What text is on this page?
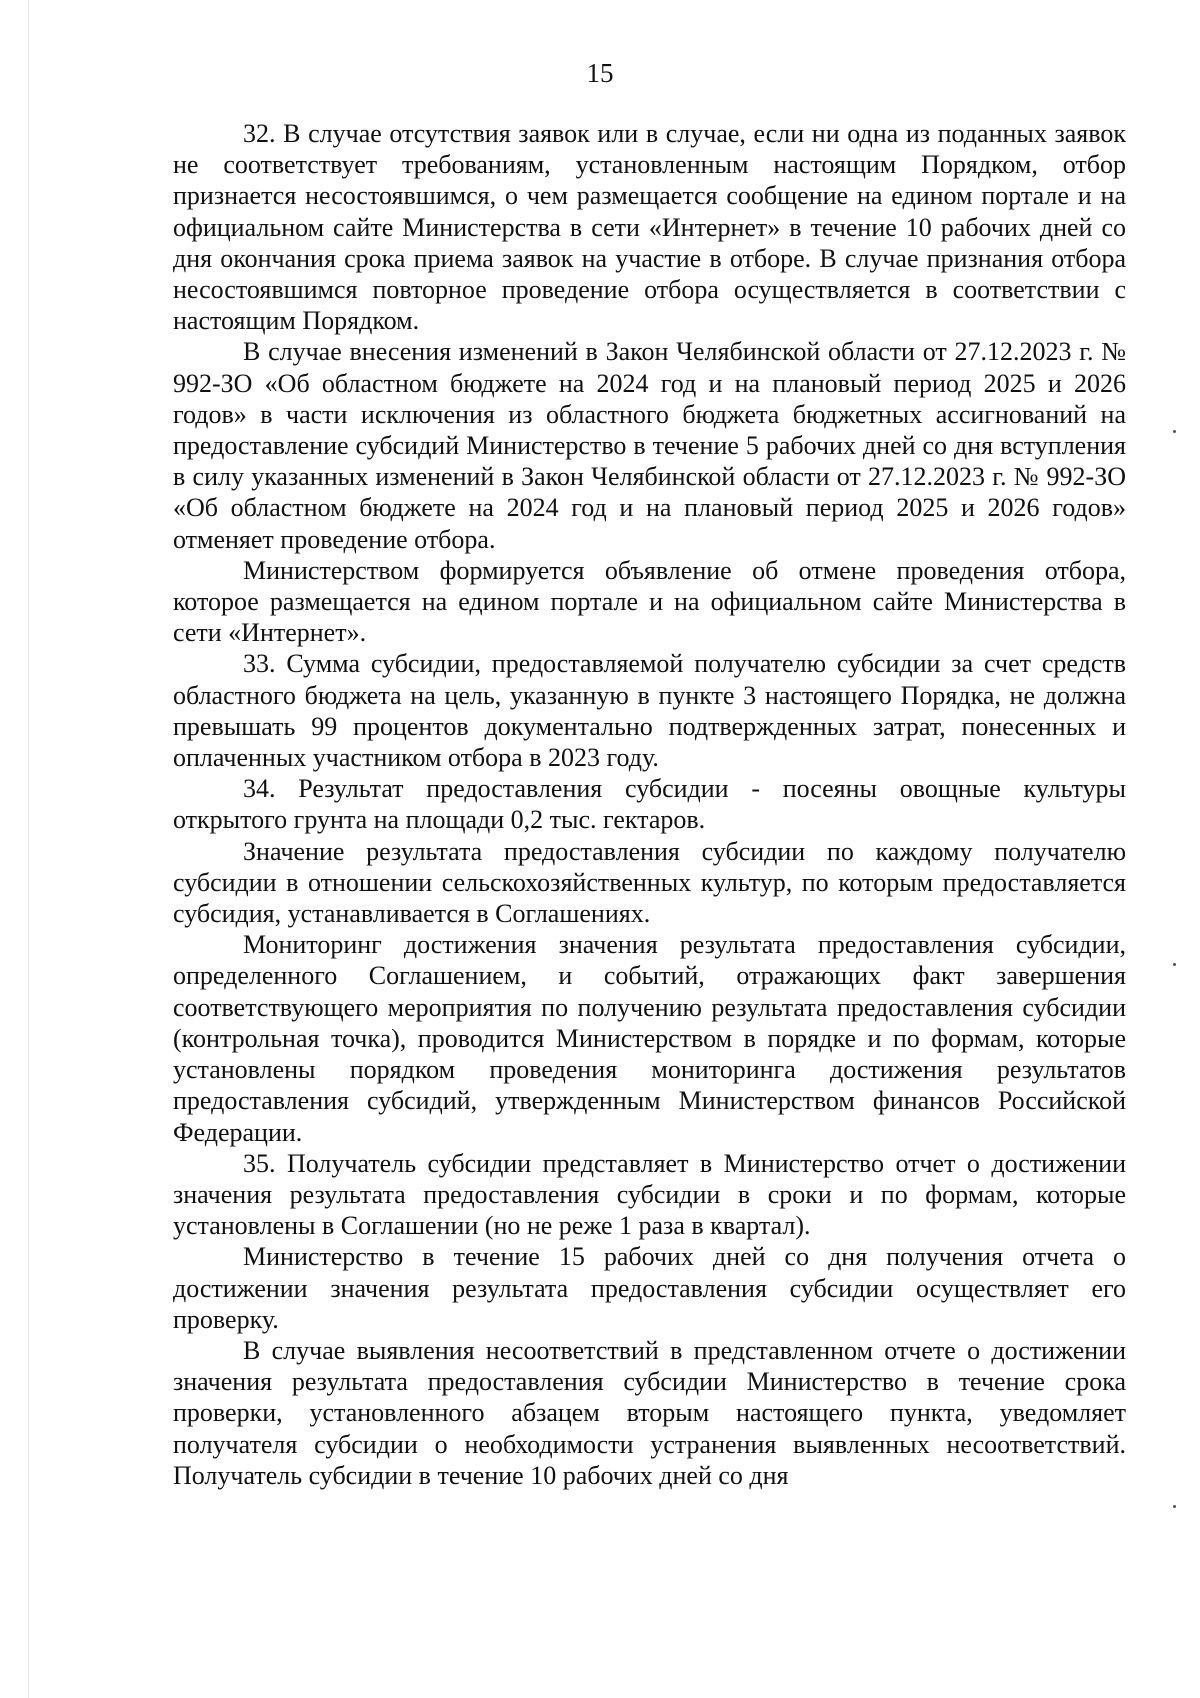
15

32. В случае отсутствия заявок или в случае, если ни одна из поданных заявок не соответствует требованиям, установленным настоящим Порядком, отбор признается несостоявшимся, о чем размещается сообщение на едином портале и на официальном сайте Министерства в сети «Интернет» в течение 10 рабочих дней со дня окончания срока приема заявок на участие в отборе. В случае признания отбора несостоявшимся повторное проведение отбора осуществляется в соответствии с настоящим Порядком.

В случае внесения изменений в Закон Челябинской области от 27.12.2023 г. № 992-ЗО «Об областном бюджете на 2024 год и на плановый период 2025 и 2026 годов» в части исключения из областного бюджета бюджетных ассигнований на предоставление субсидий Министерство в течение 5 рабочих дней со дня вступления в силу указанных изменений в Закон Челябинской области от 27.12.2023 г. № 992-ЗО «Об областном бюджете на 2024 год и на плановый период 2025 и 2026 годов» отменяет проведение отбора.

Министерством формируется объявление об отмене проведения отбора, которое размещается на едином портале и на официальном сайте Министерства в сети «Интернет».

33. Сумма субсидии, предоставляемой получателю субсидии за счет средств областного бюджета на цель, указанную в пункте 3 настоящего Порядка, не должна превышать 99 процентов документально подтвержденных затрат, понесенных и оплаченных участником отбора в 2023 году.

34. Результат предоставления субсидии - посеяны овощные культуры открытого грунта на площади 0,2 тыс. гектаров.

Значение результата предоставления субсидии по каждому получателю субсидии в отношении сельскохозяйственных культур, по которым предоставляется субсидия, устанавливается в Соглашениях.

Мониторинг достижения значения результата предоставления субсидии, определенного Соглашением, и событий, отражающих факт завершения соответствующего мероприятия по получению результата предоставления субсидии (контрольная точка), проводится Министерством в порядке и по формам, которые установлены порядком проведения мониторинга достижения результатов предоставления субсидий, утвержденным Министерством финансов Российской Федерации.

35. Получатель субсидии представляет в Министерство отчет о достижении значения результата предоставления субсидии в сроки и по формам, которые установлены в Соглашении (но не реже 1 раза в квартал).

Министерство в течение 15 рабочих дней со дня получения отчета о достижении значения результата предоставления субсидии осуществляет его проверку.

В случае выявления несоответствий в представленном отчете о достижении значения результата предоставления субсидии Министерство в течение срока проверки, установленного абзацем вторым настоящего пункта, уведомляет получателя субсидии о необходимости устранения выявленных несоответствий. Получатель субсидии в течение 10 рабочих дней со дня
